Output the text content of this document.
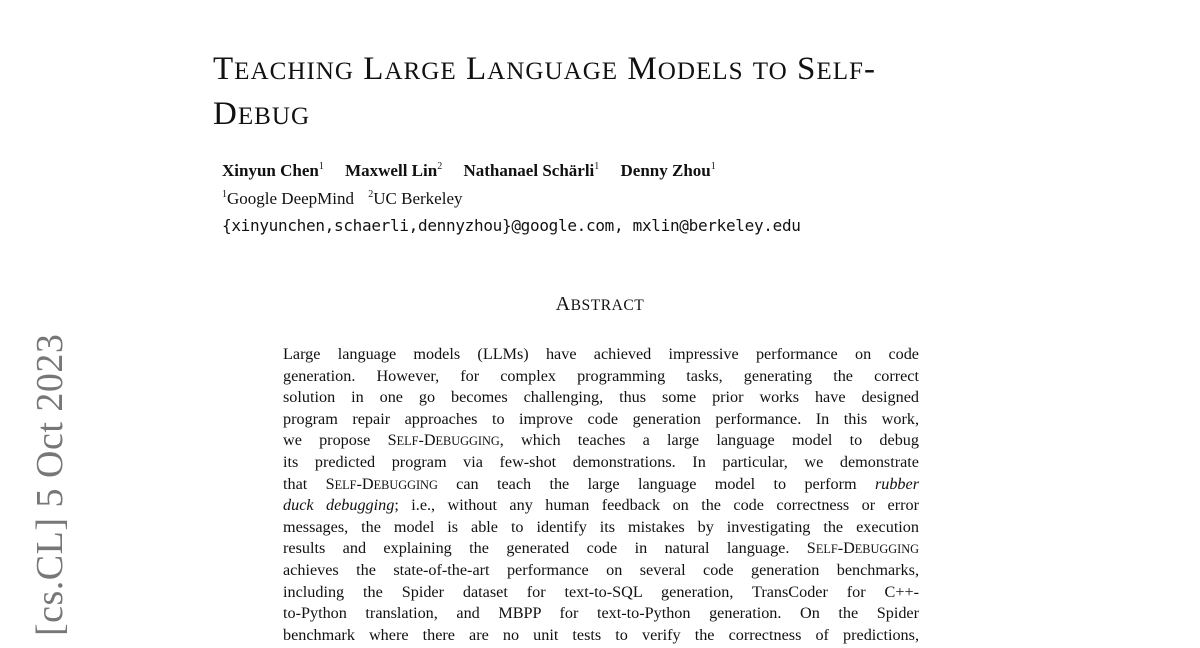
[cs.CL] 5 Oct 2023
TEACHING LARGE LANGUAGE MODELS TO SELF-
DEBUG
Xinyun Chen$^1$ Maxwell Lin$^2$ Nathanael Schärli$^1$ Denny Zhou$^1$
$^1$Google DeepMind $^2$UC Berkeley
{xinyunchen,schaerli,dennyzhou}@google.com, mxlin@berkeley.edu
ABSTRACT
Large language models (LLMs) have achieved impressive performance on code
generation. However, for complex programming tasks, generating the correct
solution in one go becomes challenging, thus some prior works have designed
program repair approaches to improve code generation performance. In this work,
we propose SELF-DEBUGGING, which teaches a large language model to debug
its predicted program via few-shot demonstrations. In particular, we demonstrate
that SELF-DEBUGGING can teach the large language model to perform rubber
duck debugging; i.e., without any human feedback on the code correctness or error
messages, the model is able to identify its mistakes by investigating the execution
results and explaining the generated code in natural language. SELF-DEBUGGING
achieves the state-of-the-art performance on several code generation benchmarks,
including the Spider dataset for text-to-SQL generation, TransCoder for C++-
to-Python translation, and MBPP for text-to-Python generation. On the Spider
benchmark where there are no unit tests to verify the correctness of predictions,
